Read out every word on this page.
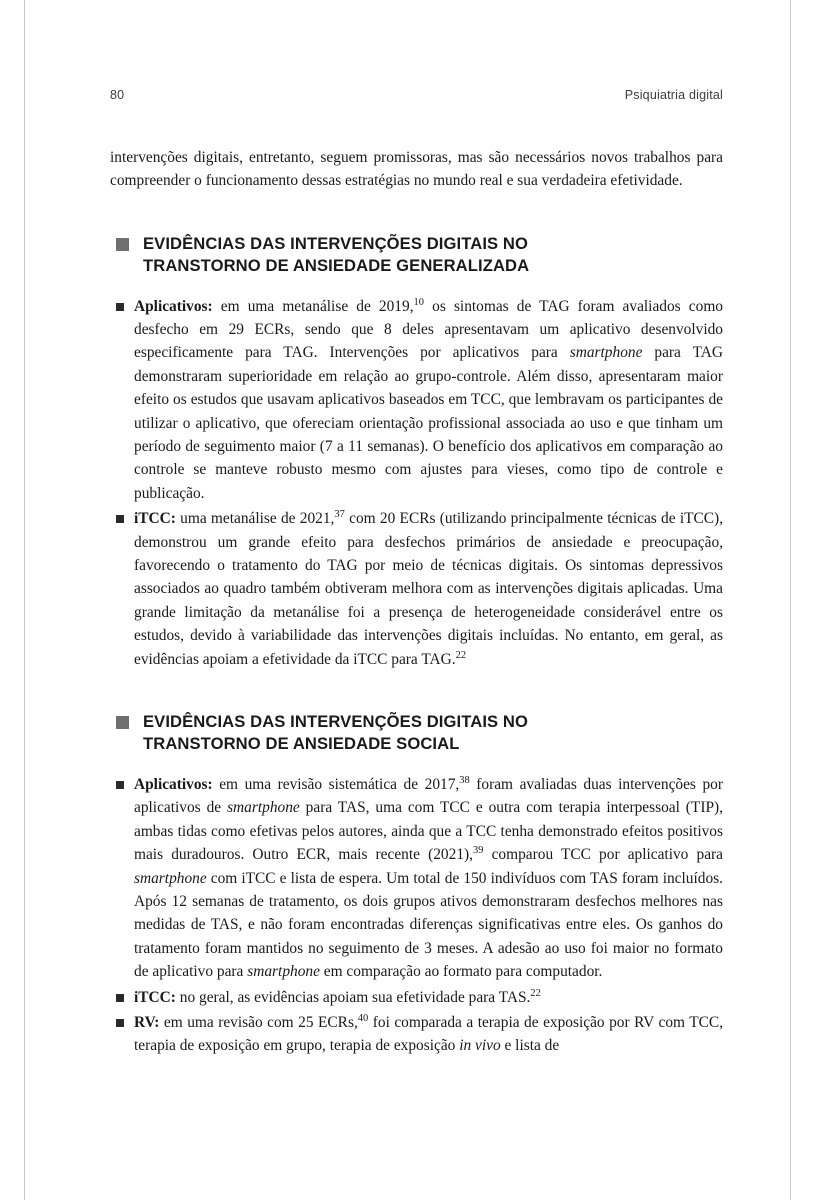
80	Psiquiatria digital

intervenções digitais, entretanto, seguem promissoras, mas são necessários novos trabalhos para compreender o funcionamento dessas estratégias no mundo real e sua verdadeira efetividade.

EVIDÊNCIAS DAS INTERVENÇÕES DIGITAIS NO TRANSTORNO DE ANSIEDADE GENERALIZADA
Aplicativos: em uma metanálise de 2019,10 os sintomas de TAG foram avaliados como desfecho em 29 ECRs, sendo que 8 deles apresentavam um aplicativo desenvolvido especificamente para TAG. Intervenções por aplicativos para smartphone para TAG demonstraram superioridade em relação ao grupo-controle. Além disso, apresentaram maior efeito os estudos que usavam aplicativos baseados em TCC, que lembravam os participantes de utilizar o aplicativo, que ofereciam orientação profissional associada ao uso e que tinham um período de seguimento maior (7 a 11 semanas). O benefício dos aplicativos em comparação ao controle se manteve robusto mesmo com ajustes para vieses, como tipo de controle e publicação.
iTCC: uma metanálise de 2021,37 com 20 ECRs (utilizando principalmente técnicas de iTCC), demonstrou um grande efeito para desfechos primários de ansiedade e preocupação, favorecendo o tratamento do TAG por meio de técnicas digitais. Os sintomas depressivos associados ao quadro também obtiveram melhora com as intervenções digitais aplicadas. Uma grande limitação da metanálise foi a presença de heterogeneidade considerável entre os estudos, devido à variabilidade das intervenções digitais incluídas. No entanto, em geral, as evidências apoiam a efetividade da iTCC para TAG.$^{22}$
EVIDÊNCIAS DAS INTERVENÇÕES DIGITAIS NO TRANSTORNO DE ANSIEDADE SOCIAL
Aplicativos: em uma revisão sistemática de 2017,38 foram avaliadas duas intervenções por aplicativos de smartphone para TAS, uma com TCC e outra com terapia interpessoal (TIP), ambas tidas como efetivas pelos autores, ainda que a TCC tenha demonstrado efeitos positivos mais duradouros. Outro ECR, mais recente (2021),$^{39}$ comparou TCC por aplicativo para smartphone com iTCC e lista de espera. Um total de 150 indivíduos com TAS foram incluídos. Após 12 semanas de tratamento, os dois grupos ativos demonstraram desfechos melhores nas medidas de TAS, e não foram encontradas diferenças significativas entre eles. Os ganhos do tratamento foram mantidos no seguimento de 3 meses. A adesão ao uso foi maior no formato de aplicativo para smartphone em comparação ao formato para computador.
iTCC: no geral, as evidências apoiam sua efetividade para TAS.$^{22}$
RV: em uma revisão com 25 ECRs,$^{40}$ foi comparada a terapia de exposição por RV com TCC, terapia de exposição em grupo, terapia de exposição in vivo e lista de
